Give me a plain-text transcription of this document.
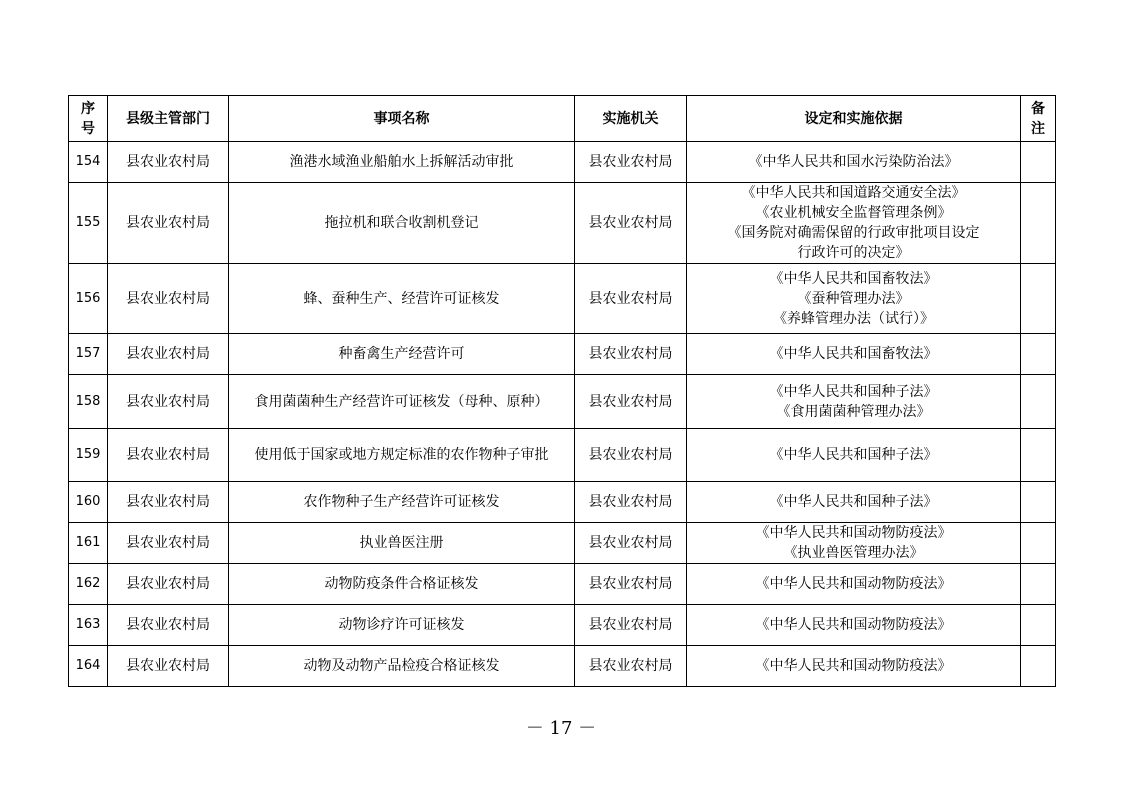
序号	县级主管部门	事项名称	实施机关	设定和实施依据	备注
154	县农业农村局	渔港水域渔业船舶水上拆解活动审批	县农业农村局	《中华人民共和国水污染防治法》	

155	县农业农村局	拖拉机和联合收割机登记	县农业农村局	《中华人民共和国道路交通安全法》
《农业机械安全监督管理条例》
《国务院对确需保留的行政审批项目设定
行政许可的决定》	

156	县农业农村局	蜂、蚕种生产、经营许可证核发	县农业农村局	《中华人民共和国畜牧法》
《蚕种管理办法》
《养蜂管理办法（试行）》	

157	县农业农村局	种畜禽生产经营许可	县农业农村局	《中华人民共和国畜牧法》	

158	县农业农村局	食用菌菌种生产经营许可证核发（母种、原种）	县农业农村局	《中华人民共和国种子法》
《食用菌菌种管理办法》	

159	县农业农村局	使用低于国家或地方规定标准的农作物种子审批	县农业农村局	《中华人民共和国种子法》	

160	县农业农村局	农作物种子生产经营许可证核发	县农业农村局	《中华人民共和国种子法》	

161	县农业农村局	执业兽医注册	县农业农村局	《中华人民共和国动物防疫法》
《执业兽医管理办法》	

162	县农业农村局	动物防疫条件合格证核发	县农业农村局	《中华人民共和国动物防疫法》	

163	县农业农村局	动物诊疗许可证核发	县农业农村局	《中华人民共和国动物防疫法》	

164	县农业农村局	动物及动物产品检疫合格证核发	县农业农村局	《中华人民共和国动物防疫法》	

－ 17 －
